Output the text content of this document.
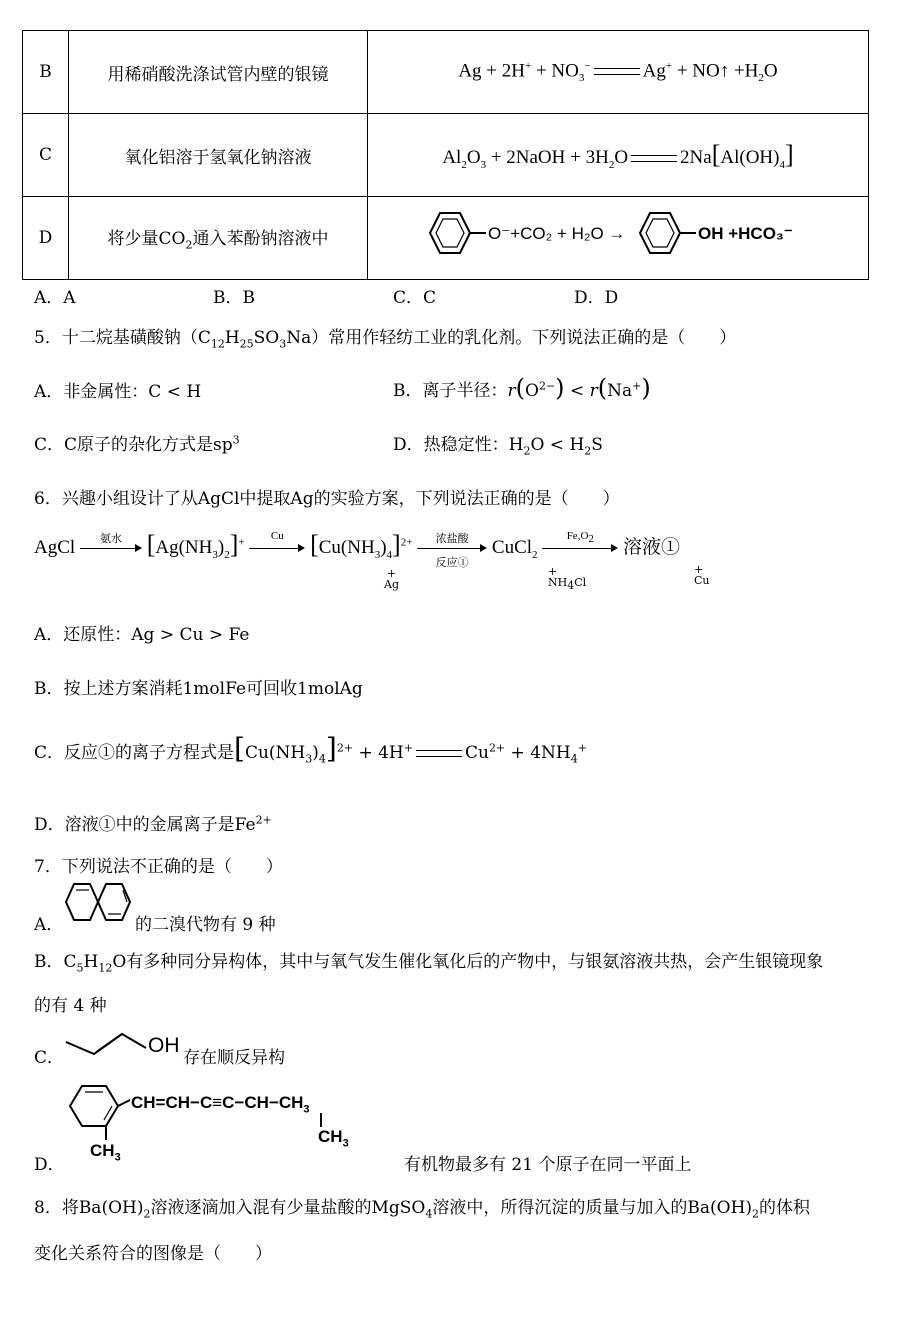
B	用稀硝酸洗涤试管内壁的银镜	$Ag + 2H^+ + NO_3^-$ Ag+ + NO↑ $+H_2O$
C	氧化铝溶于氢氧化钠溶液	$Al_2O_3$ + 2NaOH + $3H_2O$ $2Na[Al(OH)_4]$
D	将少量$CO_2$通入苯酚钠溶液中	O⁻+CO₂ + H₂O → OH +HCO₃⁻
A．A	B．B	C．C	D．D
5．十二烷基磺酸钠$(C_{12}H_{25}SO_3Na)$常用作轻纺工业的乳化剂。下列说法正确的是（　　）
A．非金属性：C < H	B．离子半径：$r(O^{2-}) < r(Na^+)$
C．C原子的杂化方式是$sp^3$	D．热稳定性：$H_2O < H_2S$
6．兴趣小组设计了从AgCl中提取Ag的实验方案，下列说法正确的是（　　）
AgCl	氨水 $[Ag(NH_3)_2]^+$
Cu	$[Cu(NH_3)_4]^{2+}$	浓盐酸
反应①
CuCl$_2$
$Fe,O_2$	溶液①
+
Ag
+
$NH_4Cl$
+
Cu
A．还原性：Ag > Cu > Fe
B．按上述方案消耗1molFe可回收1molAg
C．反应①的离子方程式是$[Cu(NH_3)_4]^{2+} + 4H^+$	$Cu^{2+} + 4NH_4^+$
D．溶液①中的金属离子是$Fe^{2+}$
7．下列说法不正确的是（　　）
A．	的二溴代物有 9 种
B．$C_5H_{12}O$有多种同分异构体，其中与氧气发生催化氧化后的产物中，与银氨溶液共热，会产生银镜现象
的有 4 种
C．
OH
存在顺反异构
$CH=CH-C\equiv C-CH-CH_3$
$CH_3$
$CH_3$
D．	有机物最多有 21 个原子在同一平面上
8．将$Ba(OH)_2$溶液逐滴加入混有少量盐酸的MgSO$_4$溶液中，所得沉淀的质量与加入的$Ba(OH)_2$的体积
变化关系符合的图像是（　　）
